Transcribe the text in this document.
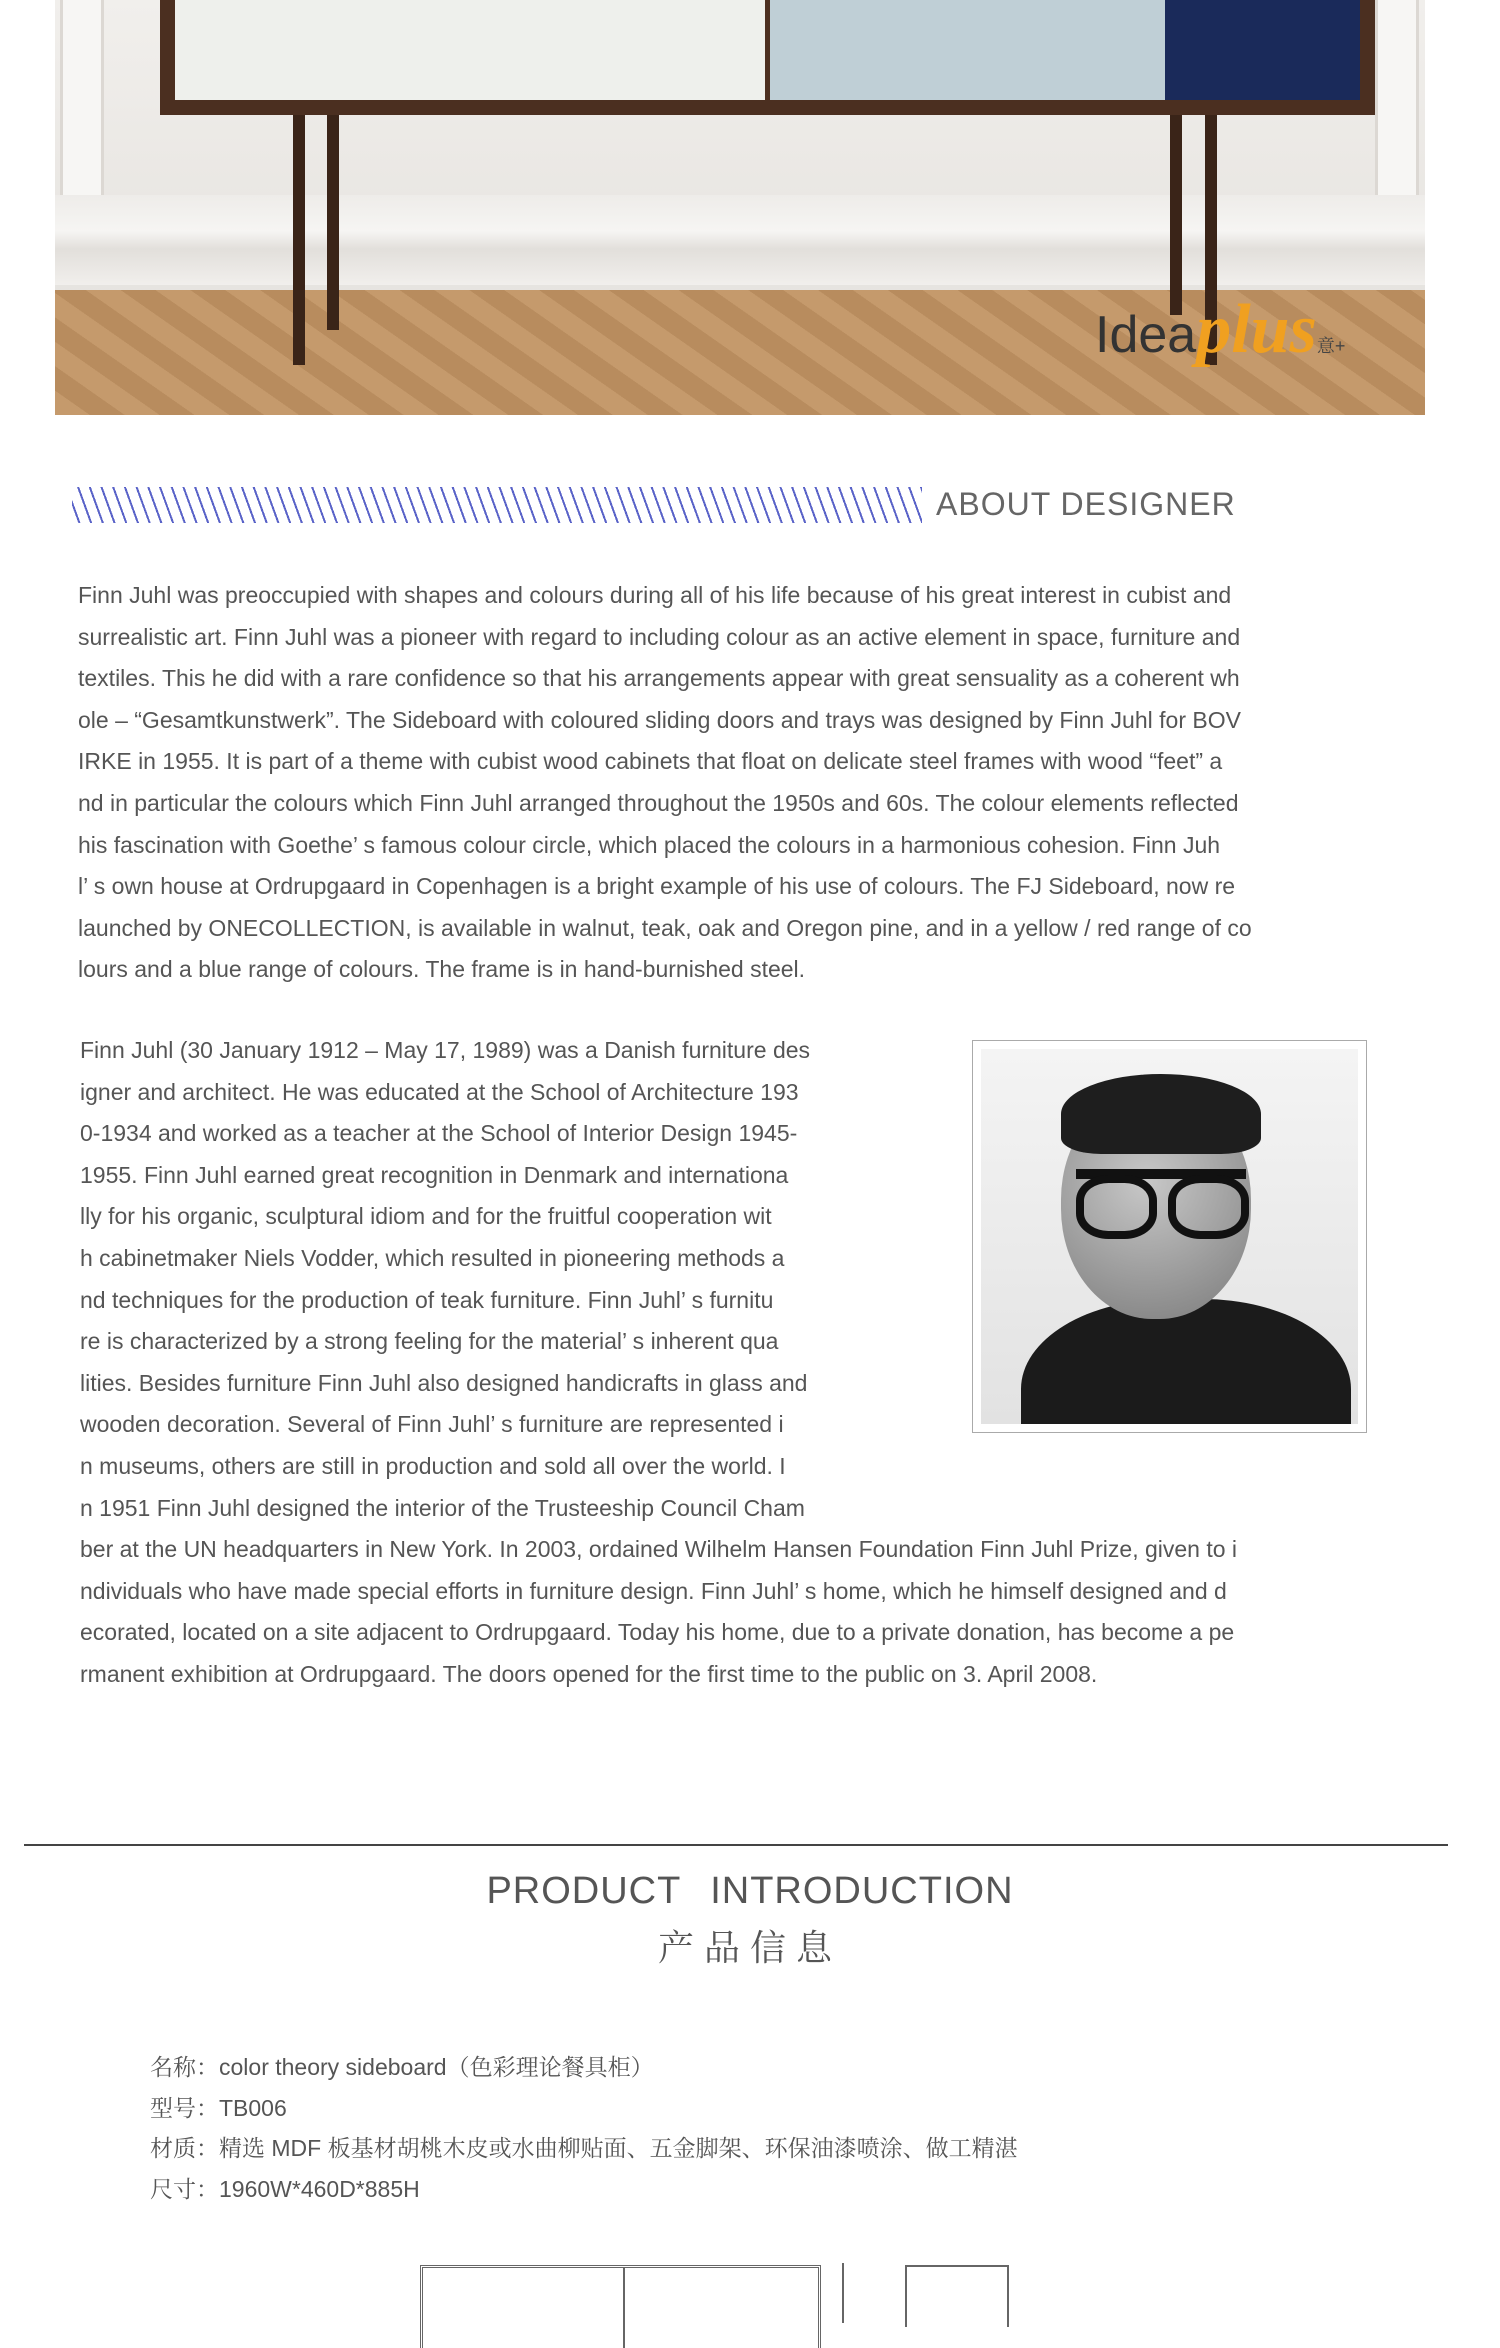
Ideaplus意+
ABOUT DESIGNER
Finn Juhl was preoccupied with shapes and colours during all of his life because of his great interest in cubist and
surrealistic art. Finn Juhl was a pioneer with regard to including colour as an active element in space, furniture and
textiles. This he did with a rare confidence so that his arrangements appear with great sensuality as a coherent wh
ole – “Gesamtkunstwerk”. The Sideboard with coloured sliding doors and trays was designed by Finn Juhl for BOV
IRKE in 1955. It is part of a theme with cubist wood cabinets that float on delicate steel frames with wood “feet” a
nd in particular the colours which Finn Juhl arranged throughout the 1950s and 60s. The colour elements reflected
his fascination with Goethe’ s famous colour circle, which placed the colours in a harmonious cohesion. Finn Juh
l’ s own house at Ordrupgaard in Copenhagen is a bright example of his use of colours. The FJ Sideboard, now re
launched by ONECOLLECTION, is available in walnut, teak, oak and Oregon pine, and in a yellow / red range of co
lours and a blue range of colours. The frame is in hand-burnished steel.
Finn Juhl (30 January 1912 – May 17, 1989) was a Danish furniture des
igner and architect. He was educated at the School of Architecture 193
0-1934 and worked as a teacher at the School of Interior Design 1945-
1955. Finn Juhl earned great recognition in Denmark and internationa
lly for his organic, sculptural idiom and for the fruitful cooperation wit
h cabinetmaker Niels Vodder, which resulted in pioneering methods a
nd techniques for the production of teak furniture. Finn Juhl’ s furnitu
re is characterized by a strong feeling for the material’ s inherent qua
lities. Besides furniture Finn Juhl also designed handicrafts in glass and
wooden decoration. Several of Finn Juhl’ s furniture are represented i
n museums, others are still in production and sold all over the world. I
n 1951 Finn Juhl designed the interior of the Trusteeship Council Cham
ber at the UN headquarters in New York. In 2003, ordained Wilhelm Hansen Foundation Finn Juhl Prize, given to i
ndividuals who have made special efforts in furniture design. Finn Juhl’ s home, which he himself designed and d
ecorated, located on a site adjacent to Ordrupgaard. Today his home, due to a private donation, has become a pe
rmanent exhibition at Ordrupgaard. The doors opened for the first time to the public on 3. April 2008.
PRODUCT INTRODUCTION
产品信息
名称：color theory sideboard（色彩理论餐具柜）
型号：TB006
材质：精选 MDF 板基材胡桃木皮或水曲柳贴面、五金脚架、环保油漆喷涂、做工精湛
尺寸：1960W*460D*885H
